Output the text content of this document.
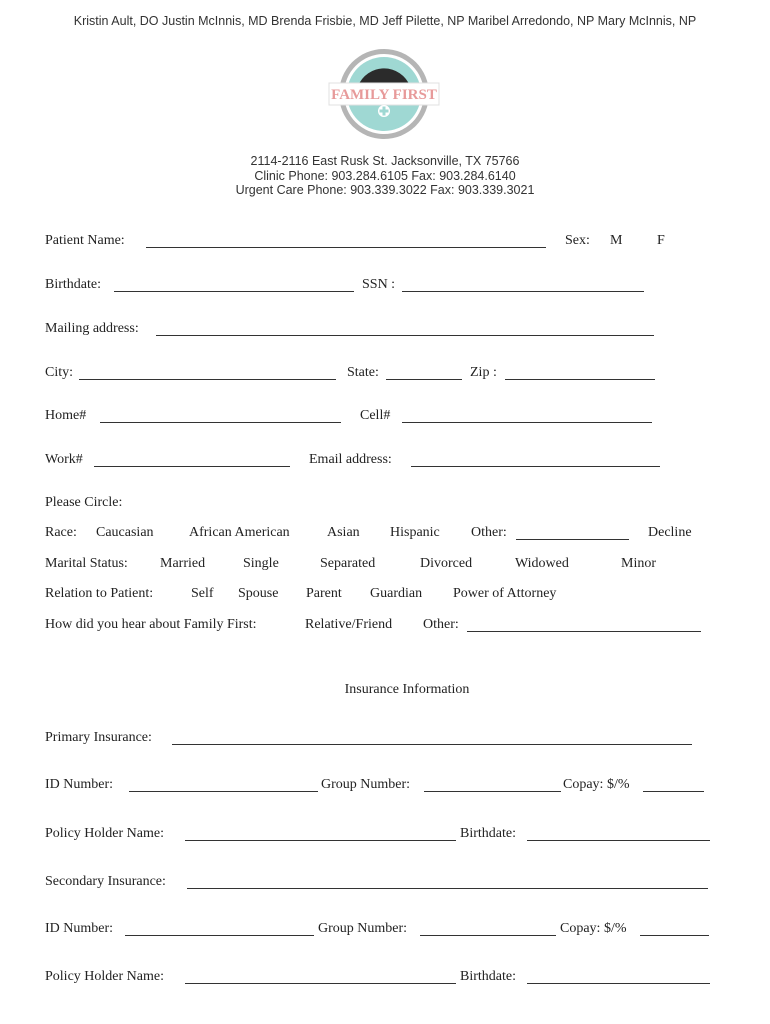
Kristin Ault, DO Justin McInnis, MD Brenda Frisbie, MD Jeff Pilette, NP Maribel Arredondo, NP Mary McInnis, NP
FAMILY FIRST
2114-2116 East Rusk St. Jacksonville, TX 75766
Clinic Phone: 903.284.6105 Fax: 903.284.6140
Urgent Care Phone: 903.339.3022 Fax: 903.339.3021
Patient Name:	Sex: M F
Birthdate:	SSN :
Mailing address:
City:	State:	Zip :
Home#	Cell#
Work#	Email address:
Please Circle:
Race: Caucasian	African American	Asian Hispanic Other:	Decline
Marital Status: Married	Single	Separated	Divorced	Widowed	Minor
Relation to Patient:	Self Spouse Parent Guardian Power of Attorney
How did you hear about Family First:	Relative/Friend Other:
Insurance Information
Primary Insurance:
ID Number:	Group Number:	Copay: $/%
Policy Holder Name:	Birthdate:
Secondary Insurance:
ID Number:	Group Number:	Copay: $/%
Policy Holder Name:	Birthdate:
